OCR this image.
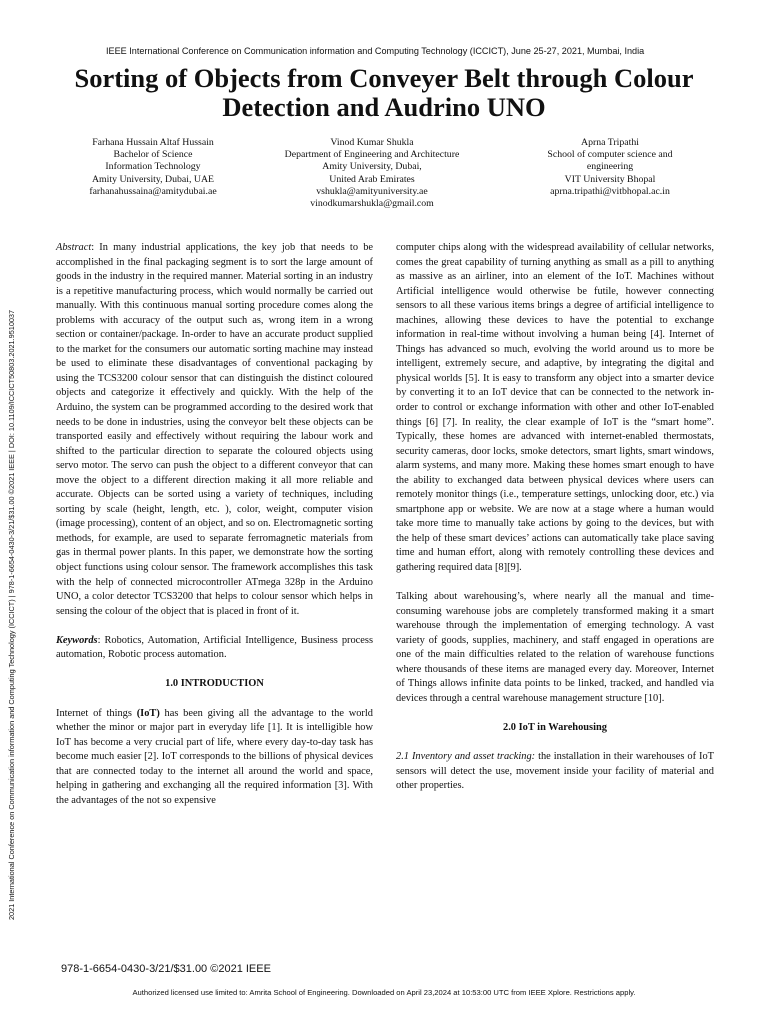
IEEE International Conference on Communication information and Computing Technology (ICCICT), June 25-27, 2021, Mumbai, India
2021 International Conference on Communication information and Computing Technology (ICCICT) | 978-1-6654-0430-3/21/$31.00 ©2021 IEEE | DOI: 10.1109/ICCICT50803.2021.9510037
Sorting of Objects from Conveyer Belt through Colour
Detection and Audrino UNO
Farhana Hussain Altaf Hussain
Bachelor of Science
Information Technology
Amity University, Dubai, UAE
farhanahussaina@amitydubai.ae
Vinod Kumar Shukla
Department of Engineering and Architecture
Amity University, Dubai,
United Arab Emirates
vshukla@amityuniversity.ae
vinodkumarshukla@gmail.com
Aprna Tripathi
School of computer science and
engineering
VIT University Bhopal
aprna.tripathi@vitbhopal.ac.in

Abstract: In many industrial applications, the key job that needs to be accomplished in the final packaging segment is to sort the large amount of goods in the industry in the required manner. Material sorting in an industry is a repetitive manufacturing process, which would normally be carried out manually. With this continuous manual sorting procedure comes along the problems with accuracy of the output such as, wrong item in a wrong section or container/package. In-order to have an accurate product supplied to the market for the consumers our automatic sorting machine may instead be used to eliminate these disadvantages of conventional packaging by using the TCS3200 colour sensor that can distinguish the distinct coloured objects and categorize it effectively and quickly. With the help of the Arduino, the system can be programmed according to the desired work that needs to be done in industries, using the conveyor belt these objects can be transported easily and effectively without requiring the labour work and shifted to the particular direction to separate the coloured objects using servo motor. The servo can push the object to a different conveyor that can move the object to a different direction making it all more reliable and accurate. Objects can be sorted using a variety of techniques, including sorting by scale (height, length, etc. ), color, weight, computer vision (image processing), content of an object, and so on. Electromagnetic sorting methods, for example, are used to separate ferromagnetic materials from gas in thermal power plants. In this paper, we demonstrate how the sorting object functions using colour sensor. The framework accomplishes this task with the help of connected microcontroller ATmega 328p in the Arduino UNO, a color detector TCS3200 that helps to colour sensor which helps in sensing the colour of the object that is placed in front of it.

Keywords: Robotics, Automation, Artificial Intelligence, Business process automation, Robotic process automation.

1.0 INTRODUCTION

Internet of things (IoT) has been giving all the advantage to the world whether the minor or major part in everyday life [1]. It is intelligible how IoT has become a very crucial part of life, where every day-to-day task has become much easier [2]. IoT corresponds to the billions of physical devices that are connected today to the internet all around the world and space, helping in gathering and exchanging all the required information [3]. With the advantages of the not so expensive

computer chips along with the widespread availability of cellular networks, comes the great capability of turning anything as small as a pill to anything as massive as an airliner, into an element of the IoT. Machines without Artificial intelligence would otherwise be futile, however connecting sensors to all these various items brings a degree of artificial intelligence to machines, allowing these devices to have the potential to exchange information in real-time without involving a human being [4]. Internet of Things has advanced so much, evolving the world around us to more be intelligent, extremely secure, and adaptive, by integrating the digital and physical worlds [5]. It is easy to transform any object into a smarter device by converting it to an IoT device that can be connected to the network in-order to control or exchange information with other and other IoT-enabled things [6] [7]. In reality, the clear example of IoT is the “smart home”. Typically, these homes are advanced with internet-enabled thermostats, security cameras, door locks, smoke detectors, smart lights, smart windows, alarm systems, and many more. Making these homes smart enough to have the ability to exchanged data between physical devices where users can remotely monitor things (i.e., temperature settings, unlocking door, etc.) via smartphone app or website. We are now at a stage where a human would take more time to manually take actions by going to the devices, but with the help of these smart devices’ actions can automatically take place saving time and human effort, along with remotely controlling these devices and gathering required data [8][9].

Talking about warehousing’s, where nearly all the manual and time-consuming warehouse jobs are completely transformed making it a smart warehouse through the implementation of emerging technology. A vast variety of goods, supplies, machinery, and staff engaged in operations are one of the main difficulties related to the relation of warehouse functions where thousands of these items are managed every day. Moreover, Internet of Things allows infinite data points to be linked, tracked, and handled via devices through a central warehouse management structure [10].

2.0 IoT in Warehousing

2.1 Inventory and asset tracking: the installation in their warehouses of IoT sensors will detect the use, movement inside your facility of material and other properties.

978-1-6654-0430-3/21/$31.00 ©2021 IEEE
Authorized licensed use limited to: Amrita School of Engineering. Downloaded on April 23,2024 at 10:53:00 UTC from IEEE Xplore. Restrictions apply.
